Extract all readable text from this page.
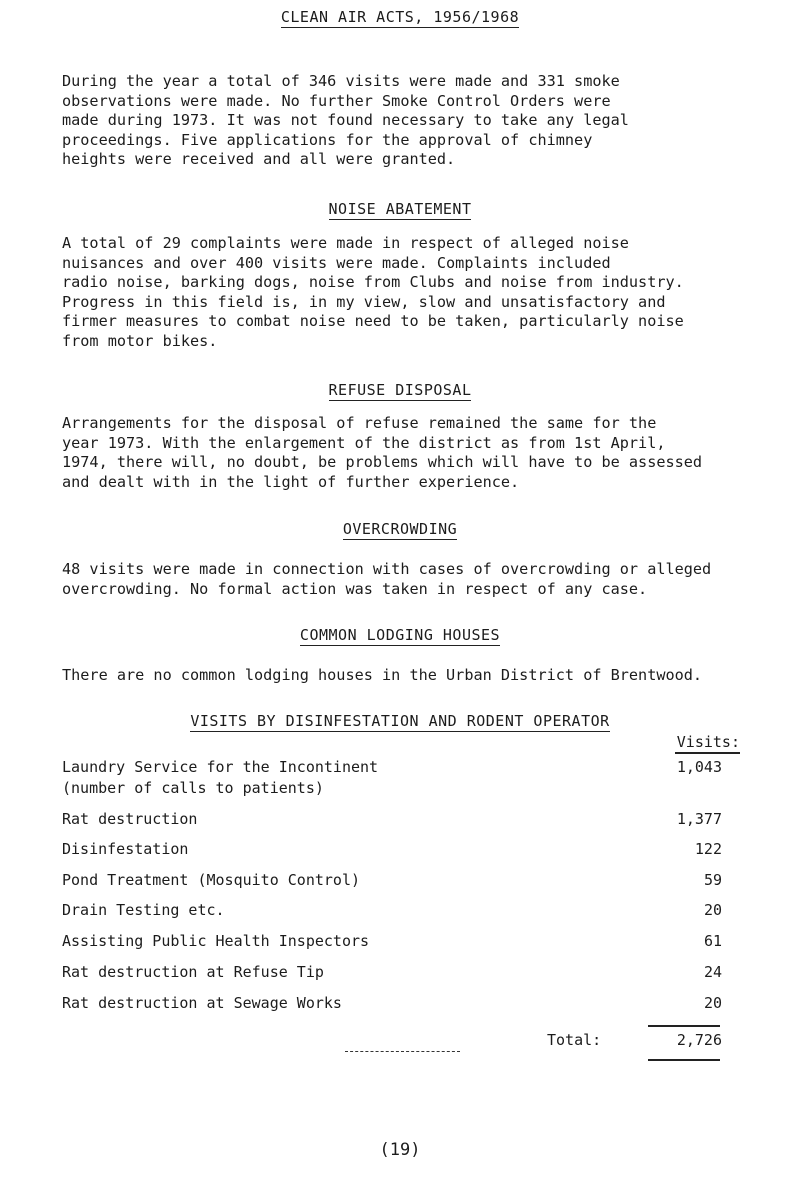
CLEAN AIR ACTS, 1956/1968

During the year a total of 346 visits were made and 331 smoke
observations were made. No further Smoke Control Orders were
made during 1973. It was not found necessary to take any legal
proceedings. Five applications for the approval of chimney
heights were received and all were granted.

NOISE ABATEMENT

A total of 29 complaints were made in respect of alleged noise
nuisances and over 400 visits were made. Complaints included
radio noise, barking dogs, noise from Clubs and noise from industry.
Progress in this field is, in my view, slow and unsatisfactory and
firmer measures to combat noise need to be taken, particularly noise
from motor bikes.

REFUSE DISPOSAL

Arrangements for the disposal of refuse remained the same for the
year 1973. With the enlargement of the district as from 1st April,
1974, there will, no doubt, be problems which will have to be assessed
and dealt with in the light of further experience.

OVERCROWDING

48 visits were made in connection with cases of overcrowding or alleged
overcrowding. No formal action was taken in respect of any case.

COMMON LODGING HOUSES

There are no common lodging houses in the Urban District of Brentwood.

VISITS BY DISINFESTATION AND RODENT OPERATOR
Visits:
Laundry Service for the Incontinent	1,043
(number of calls to patients)
Rat destruction	1,377
Disinfestation	122
Pond Treatment (Mosquito Control)	59
Drain Testing etc.	20
Assisting Public Health Inspectors	61
Rat destruction at Refuse Tip	24
Rat destruction at Sewage Works	20
Total:	2,726
(19)
